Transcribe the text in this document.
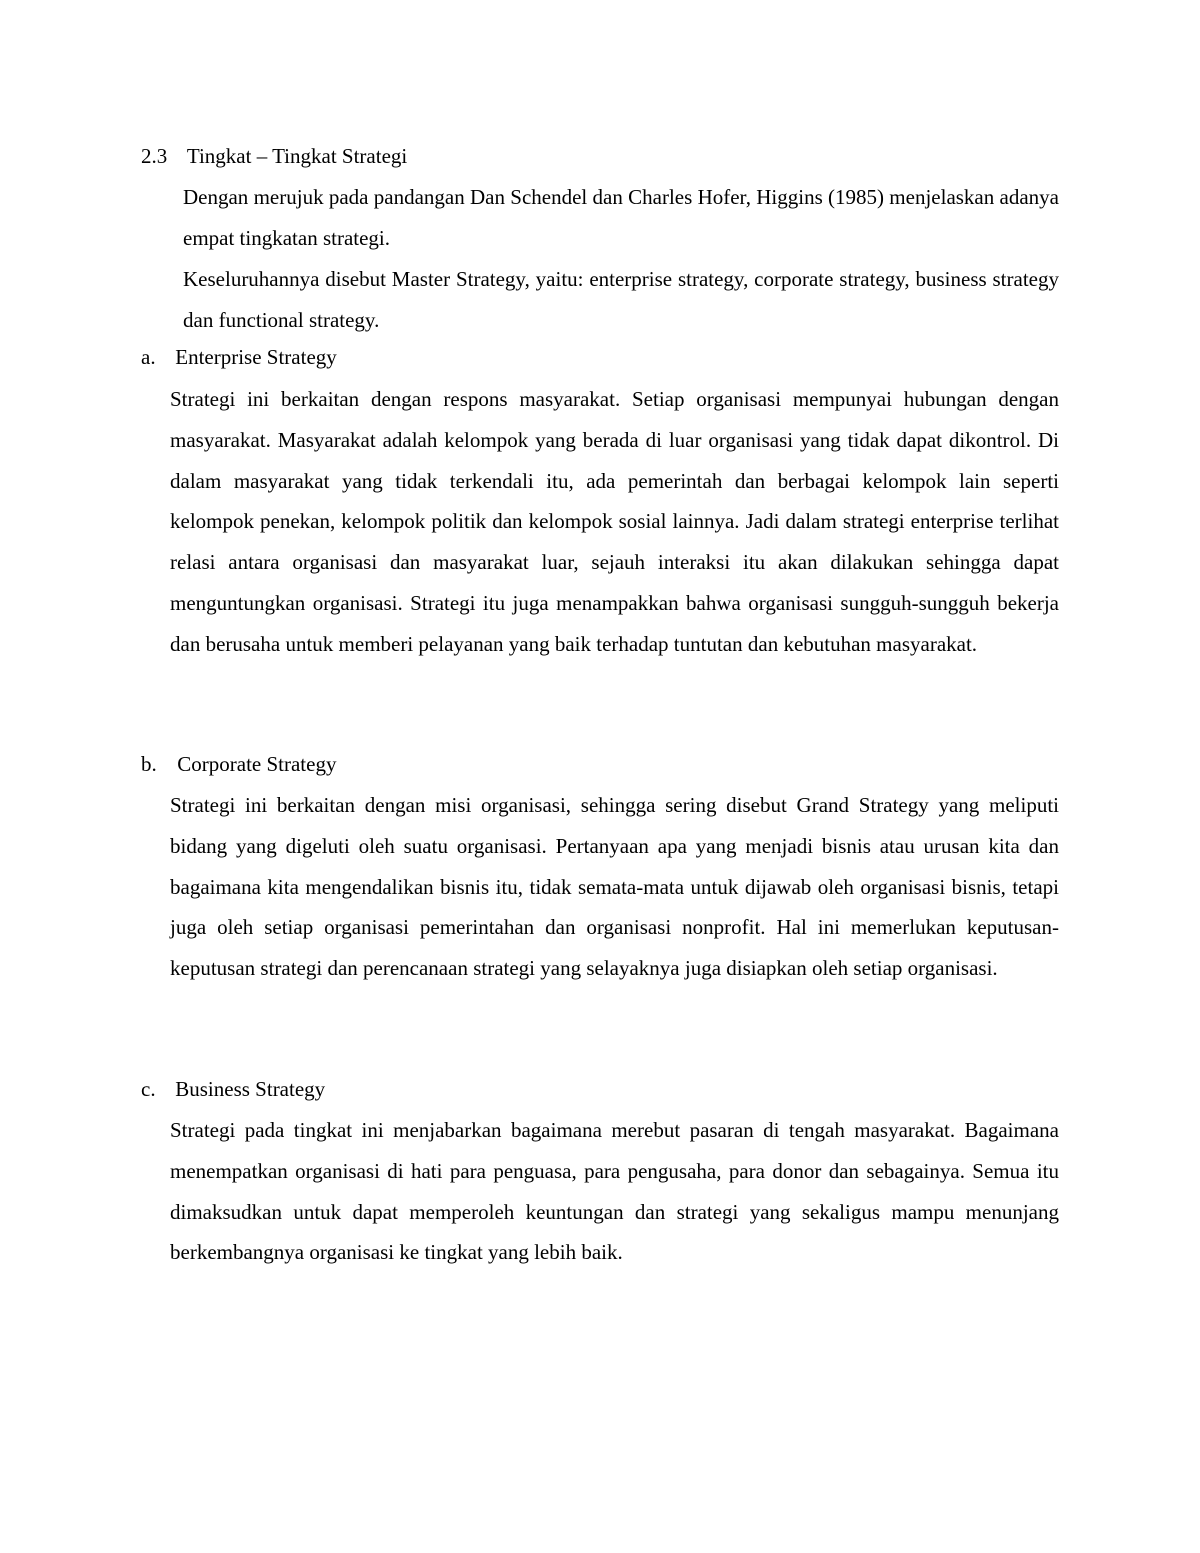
2.3 Tingkat – Tingkat Strategi

Dengan merujuk pada pandangan Dan Schendel dan Charles Hofer, Higgins (1985) menjelaskan adanya empat tingkatan strategi.

Keseluruhannya disebut Master Strategy, yaitu: enterprise strategy, corporate strategy, business strategy dan functional strategy.

a. Enterprise Strategy

Strategi ini berkaitan dengan respons masyarakat. Setiap organisasi mempunyai hubungan dengan masyarakat. Masyarakat adalah kelompok yang berada di luar organisasi yang tidak dapat dikontrol. Di dalam masyarakat yang tidak terkendali itu, ada pemerintah dan berbagai kelompok lain seperti kelompok penekan, kelompok politik dan kelompok sosial lainnya. Jadi dalam strategi enterprise terlihat relasi antara organisasi dan masyarakat luar, sejauh interaksi itu akan dilakukan sehingga dapat menguntungkan organisasi. Strategi itu juga menampakkan bahwa organisasi sungguh-sungguh bekerja dan berusaha untuk memberi pelayanan yang baik terhadap tuntutan dan kebutuhan masyarakat.

b. Corporate Strategy

Strategi ini berkaitan dengan misi organisasi, sehingga sering disebut Grand Strategy yang meliputi bidang yang digeluti oleh suatu organisasi. Pertanyaan apa yang menjadi bisnis atau urusan kita dan bagaimana kita mengendalikan bisnis itu, tidak semata-mata untuk dijawab oleh organisasi bisnis, tetapi juga oleh setiap organisasi pemerintahan dan organisasi nonprofit. Hal ini memerlukan keputusan-keputusan strategi dan perencanaan strategi yang selayaknya juga disiapkan oleh setiap organisasi.

c. Business Strategy

Strategi pada tingkat ini menjabarkan bagaimana merebut pasaran di tengah masyarakat. Bagaimana menempatkan organisasi di hati para penguasa, para pengusaha, para donor dan sebagainya. Semua itu dimaksudkan untuk dapat memperoleh keuntungan dan strategi yang sekaligus mampu menunjang berkembangnya organisasi ke tingkat yang lebih baik.
